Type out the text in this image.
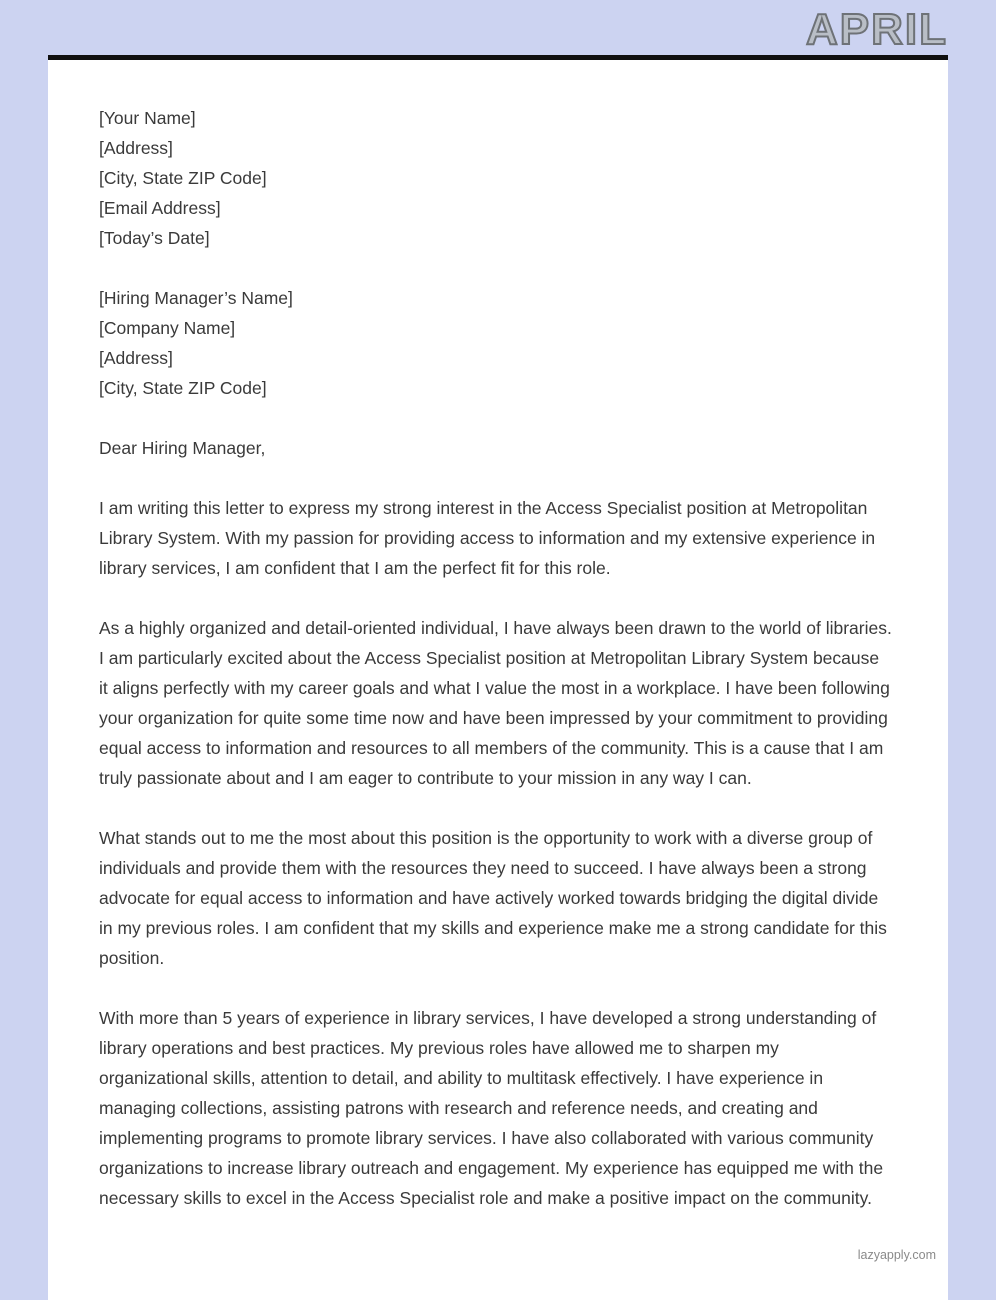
APRIL
[Your Name]
[Address]
[City, State ZIP Code]
[Email Address]
[Today’s Date]
[Hiring Manager’s Name]
[Company Name]
[Address]
[City, State ZIP Code]
Dear Hiring Manager,

I am writing this letter to express my strong interest in the Access Specialist position at Metropolitan Library System. With my passion for providing access to information and my extensive experience in library services, I am confident that I am the perfect fit for this role.

As a highly organized and detail-oriented individual, I have always been drawn to the world of libraries. I am particularly excited about the Access Specialist position at Metropolitan Library System because it aligns perfectly with my career goals and what I value the most in a workplace. I have been following your organization for quite some time now and have been impressed by your commitment to providing equal access to information and resources to all members of the community. This is a cause that I am truly passionate about and I am eager to contribute to your mission in any way I can.

What stands out to me the most about this position is the opportunity to work with a diverse group of individuals and provide them with the resources they need to succeed. I have always been a strong advocate for equal access to information and have actively worked towards bridging the digital divide in my previous roles. I am confident that my skills and experience make me a strong candidate for this position.

With more than 5 years of experience in library services, I have developed a strong understanding of library operations and best practices. My previous roles have allowed me to sharpen my organizational skills, attention to detail, and ability to multitask effectively. I have experience in managing collections, assisting patrons with research and reference needs, and creating and implementing programs to promote library services. I have also collaborated with various community organizations to increase library outreach and engagement. My experience has equipped me with the necessary skills to excel in the Access Specialist role and make a positive impact on the community.

lazyapply.com
